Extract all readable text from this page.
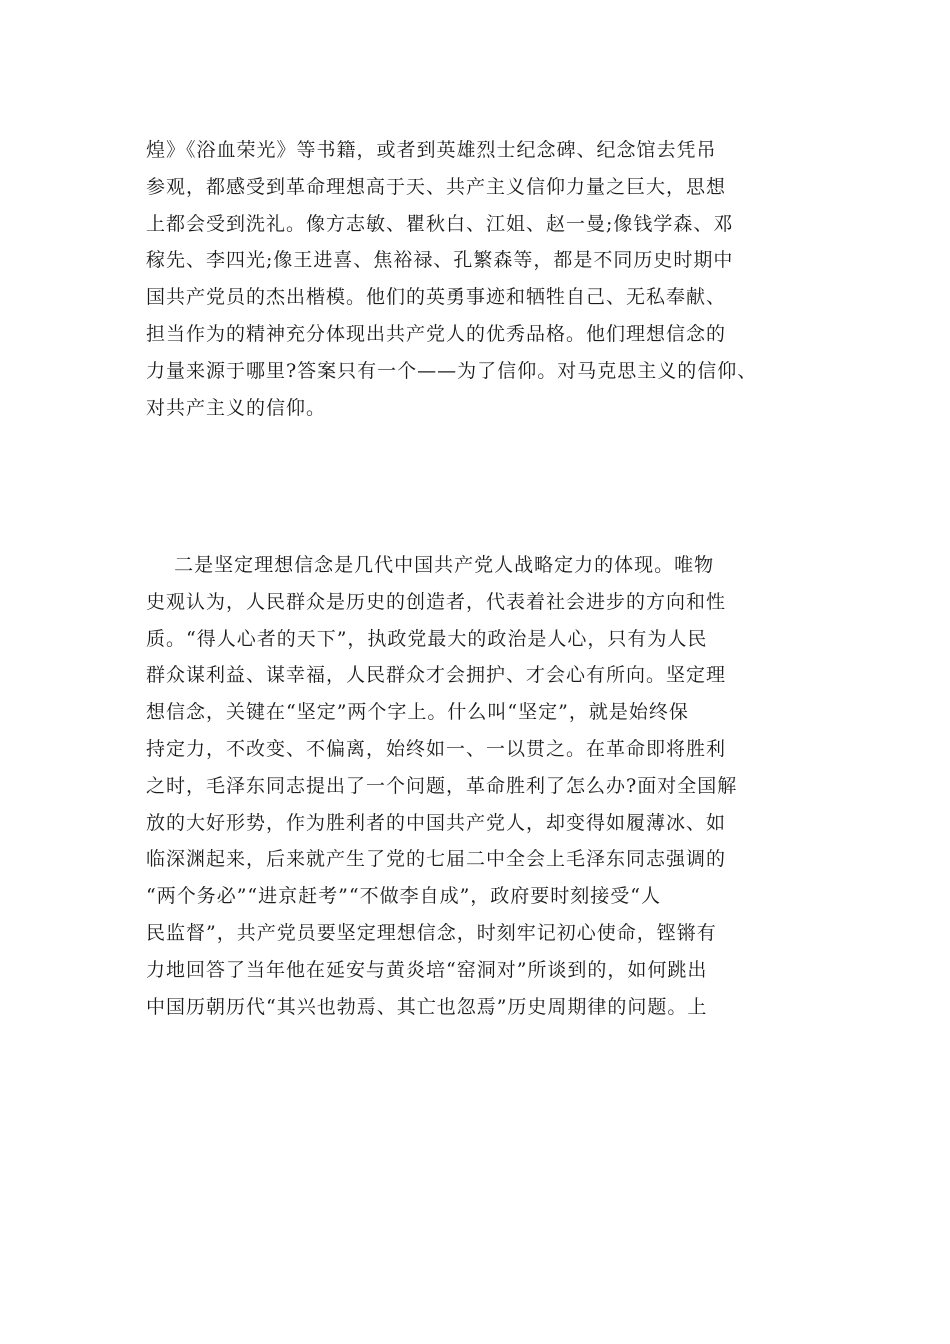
煌》《浴血荣光》等书籍，或者到英雄烈士纪念碑、纪念馆去凭吊
参观，都感受到革命理想高于天、共产主义信仰力量之巨大，思想
上都会受到洗礼。像方志敏、瞿秋白、江姐、赵一曼;像钱学森、邓
稼先、李四光;像王进喜、焦裕禄、孔繁森等，都是不同历史时期中
国共产党员的杰出楷模。他们的英勇事迹和牺牲自己、无私奉献、
担当作为的精神充分体现出共产党人的优秀品格。他们理想信念的
力量来源于哪里?答案只有一个——为了信仰。对马克思主义的信仰、
对共产主义的信仰。

二是坚定理想信念是几代中国共产党人战略定力的体现。唯物
史观认为，人民群众是历史的创造者，代表着社会进步的方向和性
质。“得人心者的天下”，执政党最大的政治是人心，只有为人民
群众谋利益、谋幸福，人民群众才会拥护、才会心有所向。坚定理
想信念，关键在“坚定”两个字上。什么叫“坚定”，就是始终保
持定力，不改变、不偏离，始终如一、一以贯之。在革命即将胜利
之时，毛泽东同志提出了一个问题，革命胜利了怎么办?面对全国解
放的大好形势，作为胜利者的中国共产党人，却变得如履薄冰、如
临深渊起来，后来就产生了党的七届二中全会上毛泽东同志强调的
“两个务必”“进京赶考”“不做李自成”，政府要时刻接受“人
民监督”，共产党员要坚定理想信念，时刻牢记初心使命，铿锵有
力地回答了当年他在延安与黄炎培“窑洞对”所谈到的，如何跳出
中国历朝历代“其兴也勃焉、其亡也忽焉”历史周期律的问题。上
